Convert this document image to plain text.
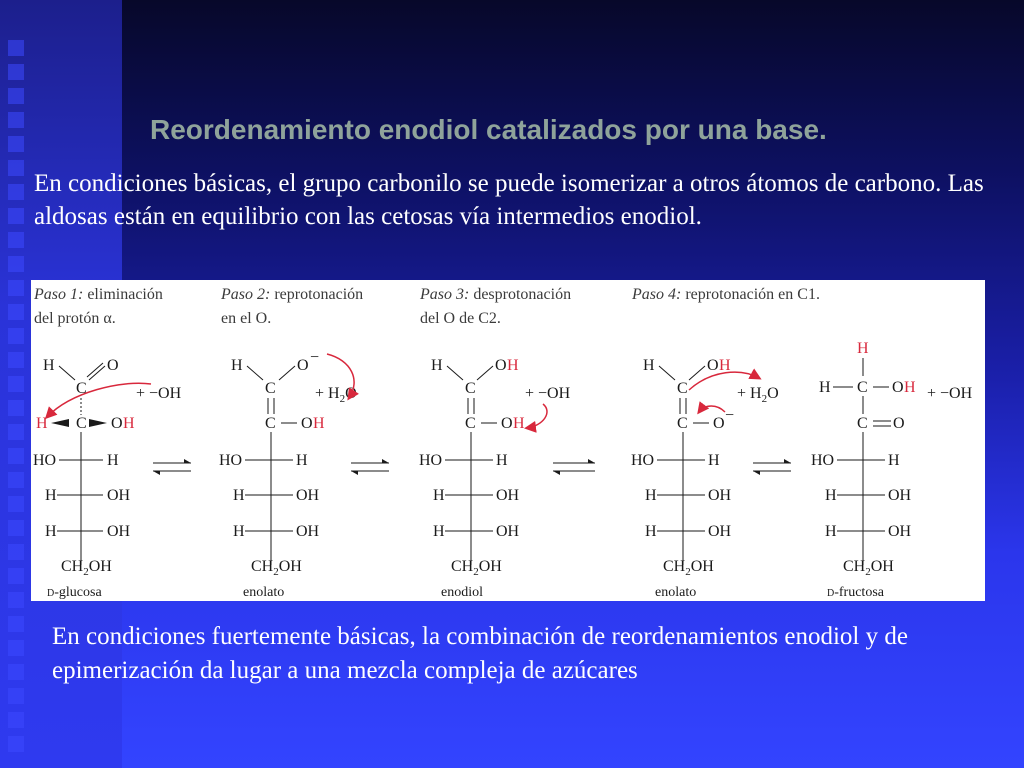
Reordenamiento enodiol catalizados por una base.

En condiciones básicas, el grupo carbonilo se puede isomerizar a otros átomos de carbono. Las aldosas están en equilibrio con las cetosas vía intermedios enodiol.

Paso 1: eliminación
del protón α.
Paso 2: reprotonación
en el O.
Paso 3: desprotonación
del O de C2.
Paso 4: reprotonación en C1.
H	O
C
H C O H
HO	H
H	OH
H	OH
$CH_2OH$
D-glucosa
+ −OH
H	O −
C
C O H
HO	H
H	OH
H	OH
$CH_2OH$
enolato
+ $H_2O$
H	O H
C
C O H
HO	H
H	OH
H	OH
$CH_2OH$
enodiol
+ −OH
H	O H
C
C O −
HO	H
H	OH
H	OH
$CH_2OH$
enolato
+ $H_2O$
H
H C O H
C O
HO	H
H	OH
H	OH
$CH_2OH$
D-fructosa
+ −OH

En condiciones fuertemente básicas, la combinación de reordenamientos enodiol y de epimerización da lugar a una mezcla compleja de azúcares
